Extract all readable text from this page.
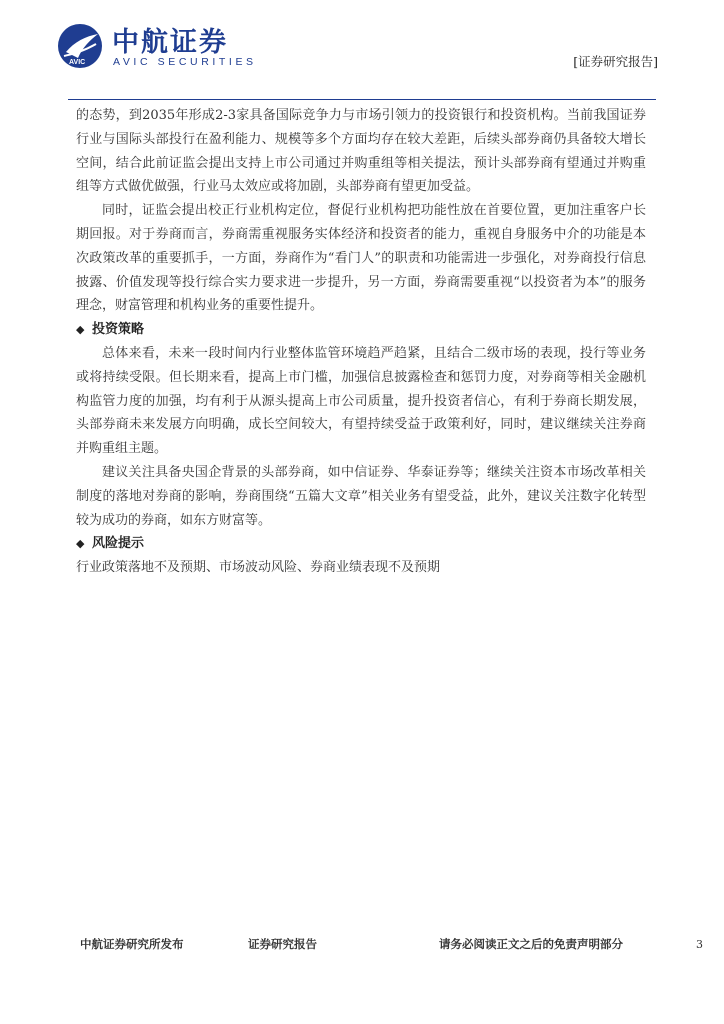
AVIC
中航证券
AVIC SECURITIES	[证券研究报告]

的态势，到2035年形成2-3家具备国际竞争力与市场引领力的投资银行和投资机构。当前我国证券行业与国际头部投行在盈利能力、规模等多个方面均存在较大差距，后续头部券商仍具备较大增长空间，结合此前证监会提出支持上市公司通过并购重组等相关提法，预计头部券商有望通过并购重组等方式做优做强，行业马太效应或将加剧，头部券商有望更加受益。

同时，证监会提出校正行业机构定位，督促行业机构把功能性放在首要位置，更加注重客户长期回报。对于券商而言，券商需重视服务实体经济和投资者的能力，重视自身服务中介的功能是本次政策改革的重要抓手，一方面，券商作为“看门人”的职责和功能需进一步强化，对券商投行信息披露、价值发现等投行综合实力要求进一步提升，另一方面，券商需要重视“以投资者为本”的服务理念，财富管理和机构业务的重要性提升。

◆ 投资策略

总体来看，未来一段时间内行业整体监管环境趋严趋紧，且结合二级市场的表现，投行等业务或将持续受限。但长期来看，提高上市门槛，加强信息披露检查和惩罚力度，对券商等相关金融机构监管力度的加强，均有利于从源头提高上市公司质量，提升投资者信心，有利于券商长期发展，头部券商未来发展方向明确，成长空间较大，有望持续受益于政策利好，同时，建议继续关注券商并购重组主题。

建议关注具备央国企背景的头部券商，如中信证券、华泰证券等；继续关注资本市场改革相关制度的落地对券商的影响，券商围绕“五篇大文章”相关业务有望受益，此外，建议关注数字化转型较为成功的券商，如东方财富等。

◆ 风险提示

行业政策落地不及预期、市场波动风险、券商业绩表现不及预期

中航证券研究所发布	证券研究报告	请务必阅读正文之后的免责声明部分	3
